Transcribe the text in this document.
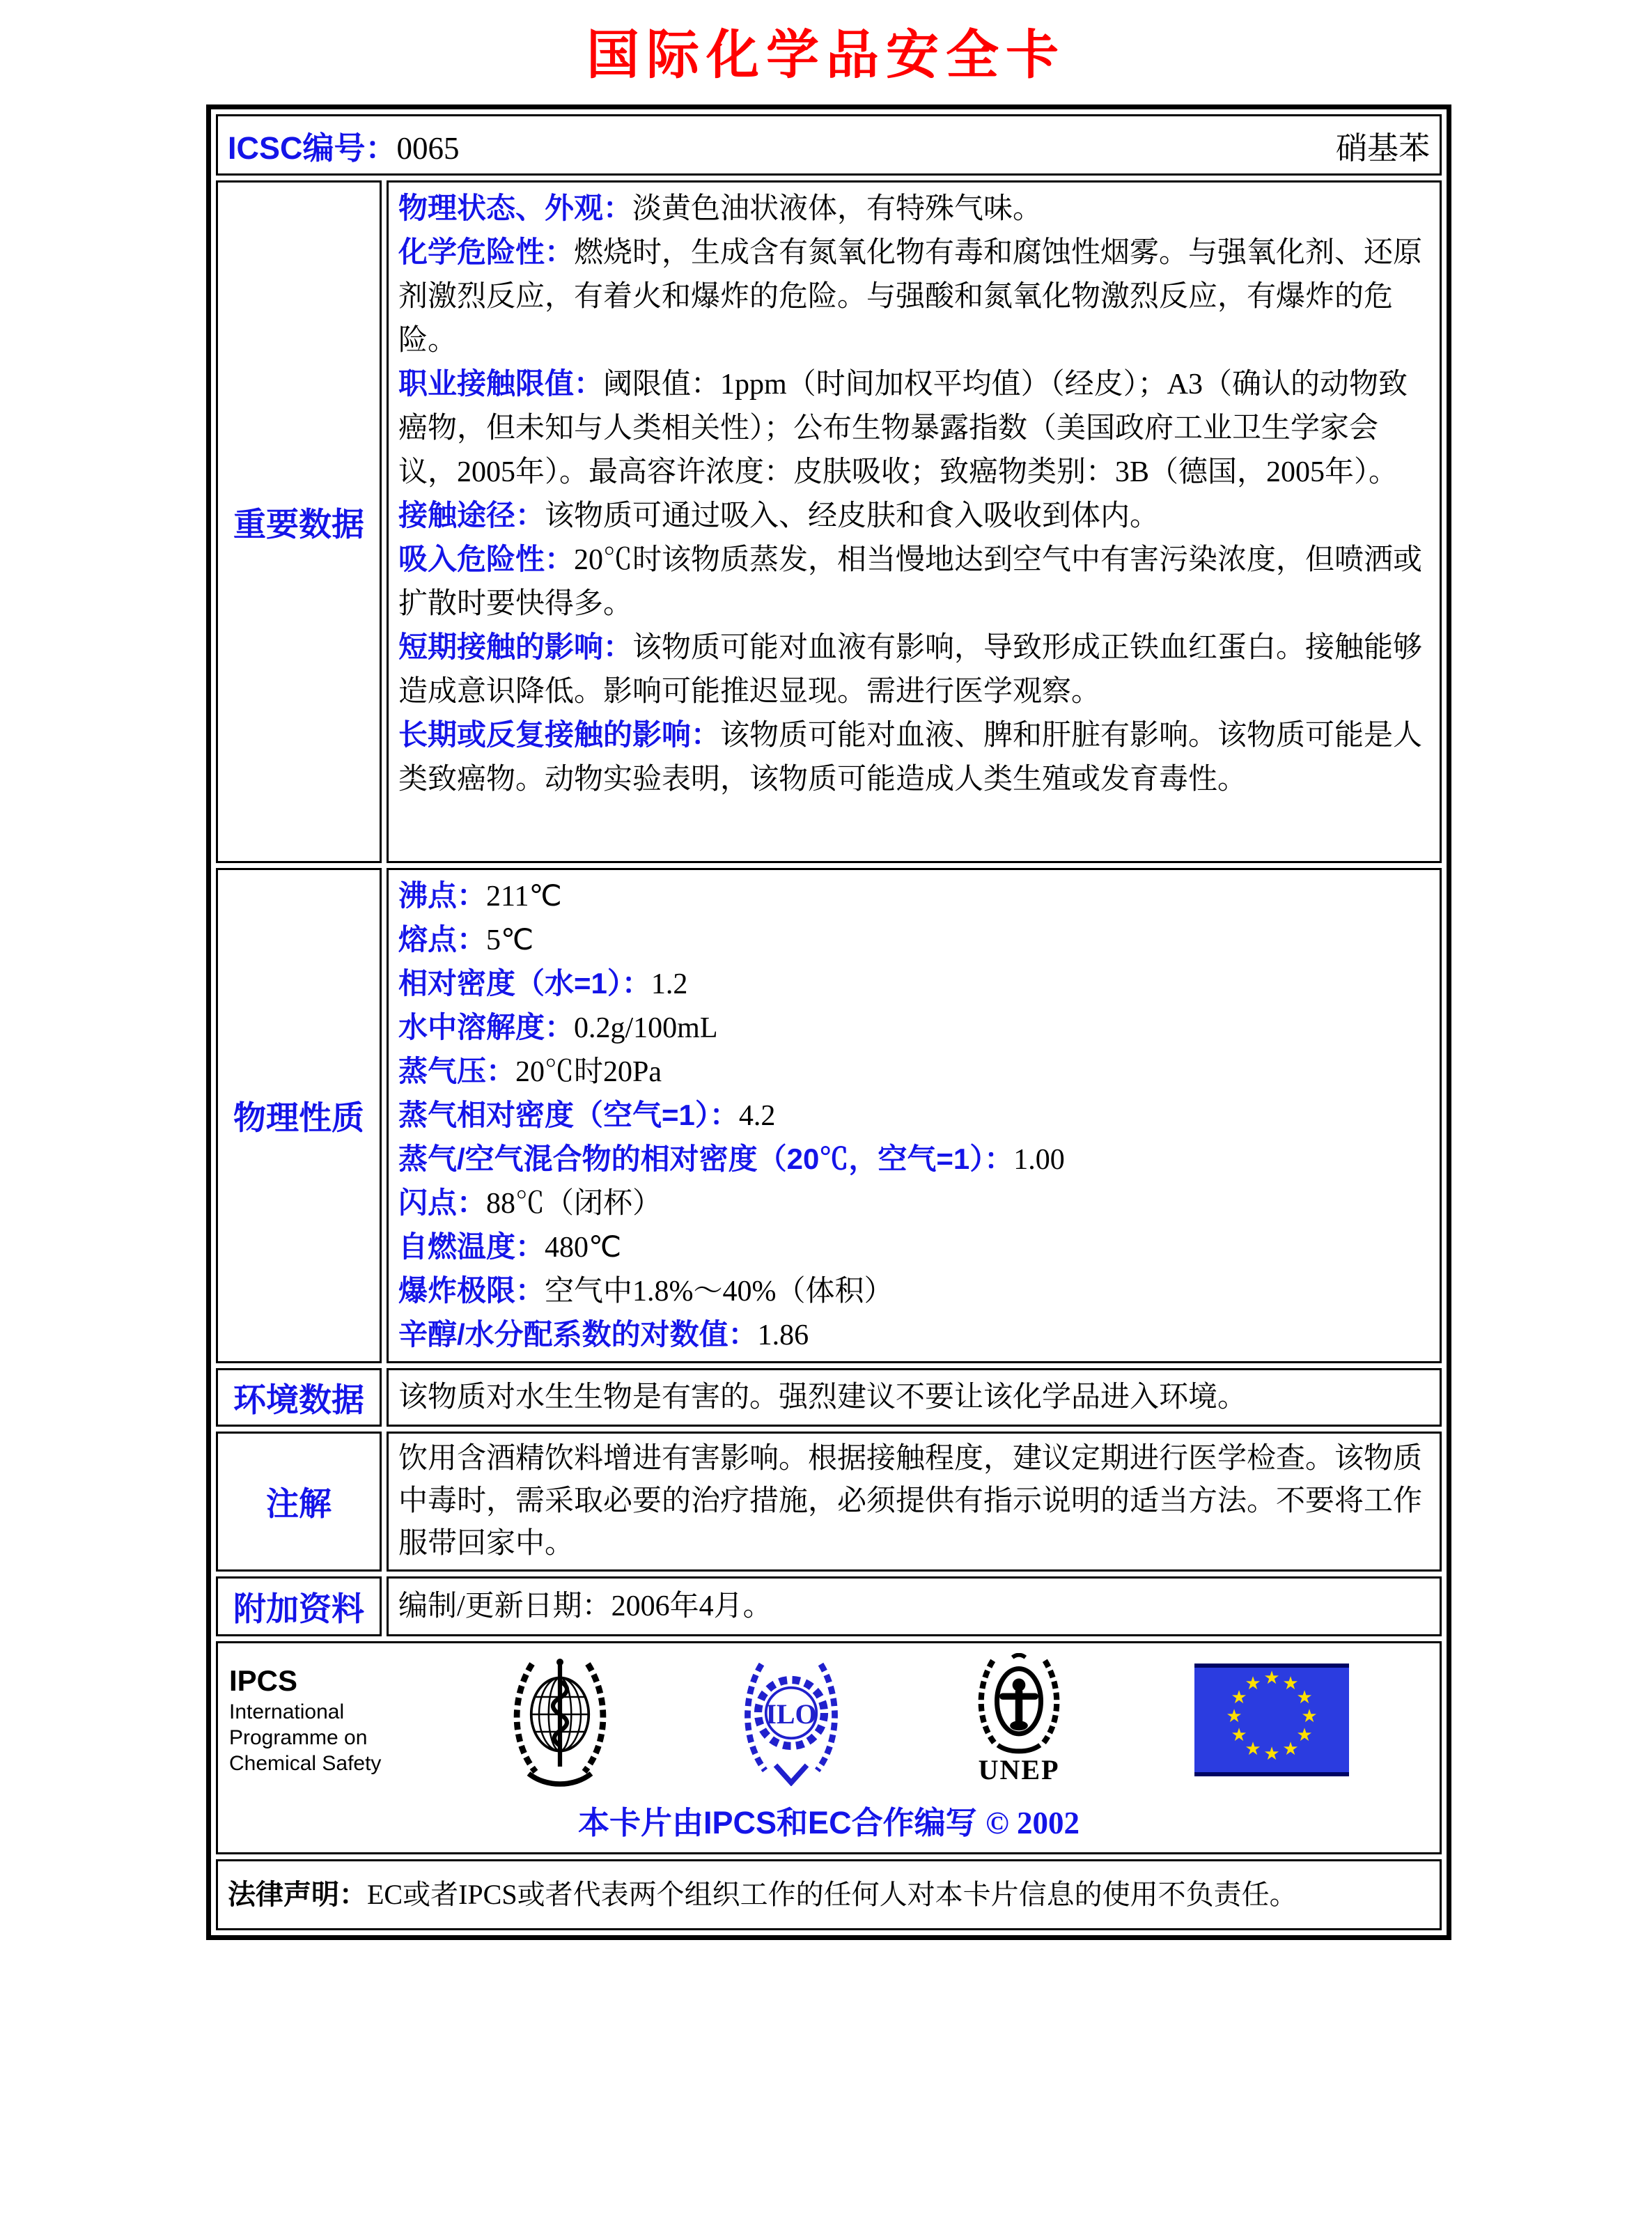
国际化学品安全卡
ICSC编号：0065	硝基苯
重要数据

物理状态、外观：淡黄色油状液体，有特殊气味。

化学危险性：燃烧时，生成含有氮氧化物有毒和腐蚀性烟雾。与强氧化剂、还原剂激烈反应，有着火和爆炸的危险。与强酸和氮氧化物激烈反应，有爆炸的危险。

职业接触限值：阈限值：1ppm（时间加权平均值）（经皮）；A3（确认的动物致癌物，但未知与人类相关性）；公布生物暴露指数（美国政府工业卫生学家会议，2005年）。最高容许浓度：皮肤吸收；致癌物类别：3B（德国，2005年）。

接触途径：该物质可通过吸入、经皮肤和食入吸收到体内。

吸入危险性：20℃时该物质蒸发，相当慢地达到空气中有害污染浓度，但喷洒或扩散时要快得多。

短期接触的影响：该物质可能对血液有影响，导致形成正铁血红蛋白。接触能够造成意识降低。影响可能推迟显现。需进行医学观察。

长期或反复接触的影响：该物质可能对血液、脾和肝脏有影响。该物质可能是人类致癌物。动物实验表明，该物质可能造成人类生殖或发育毒性。

物理性质

沸点：211℃

熔点：5℃

相对密度（水=1）：1.2

水中溶解度：0.2g/100mL

蒸气压：20℃时20Pa

蒸气相对密度（空气=1）：4.2

蒸气/空气混合物的相对密度（20℃，空气=1）：1.00

闪点：88℃（闭杯）

自燃温度：480℃

爆炸极限：空气中1.8%～40%（体积）

辛醇/水分配系数的对数值：1.86

环境数据 该物质对水生生物是有害的。强烈建议不要让该化学品进入环境。
注解
饮用含酒精饮料增进有害影响。根据接触程度，建议定期进行医学检查。该物质中毒时，需采取必要的治疗措施，必须提供有指示说明的适当方法。不要将工作服带回家中。
附加资料 编制/更新日期：2006年4月。
IPCS
International
Programme on
Chemical Safety
ILO
UNEP
★ ★
★
★
★
★
★
★
★
★
★
★
本卡片由IPCS和EC合作编写 © 2002
法律声明：EC或者IPCS或者代表两个组织工作的任何人对本卡片信息的使用不负责任。
